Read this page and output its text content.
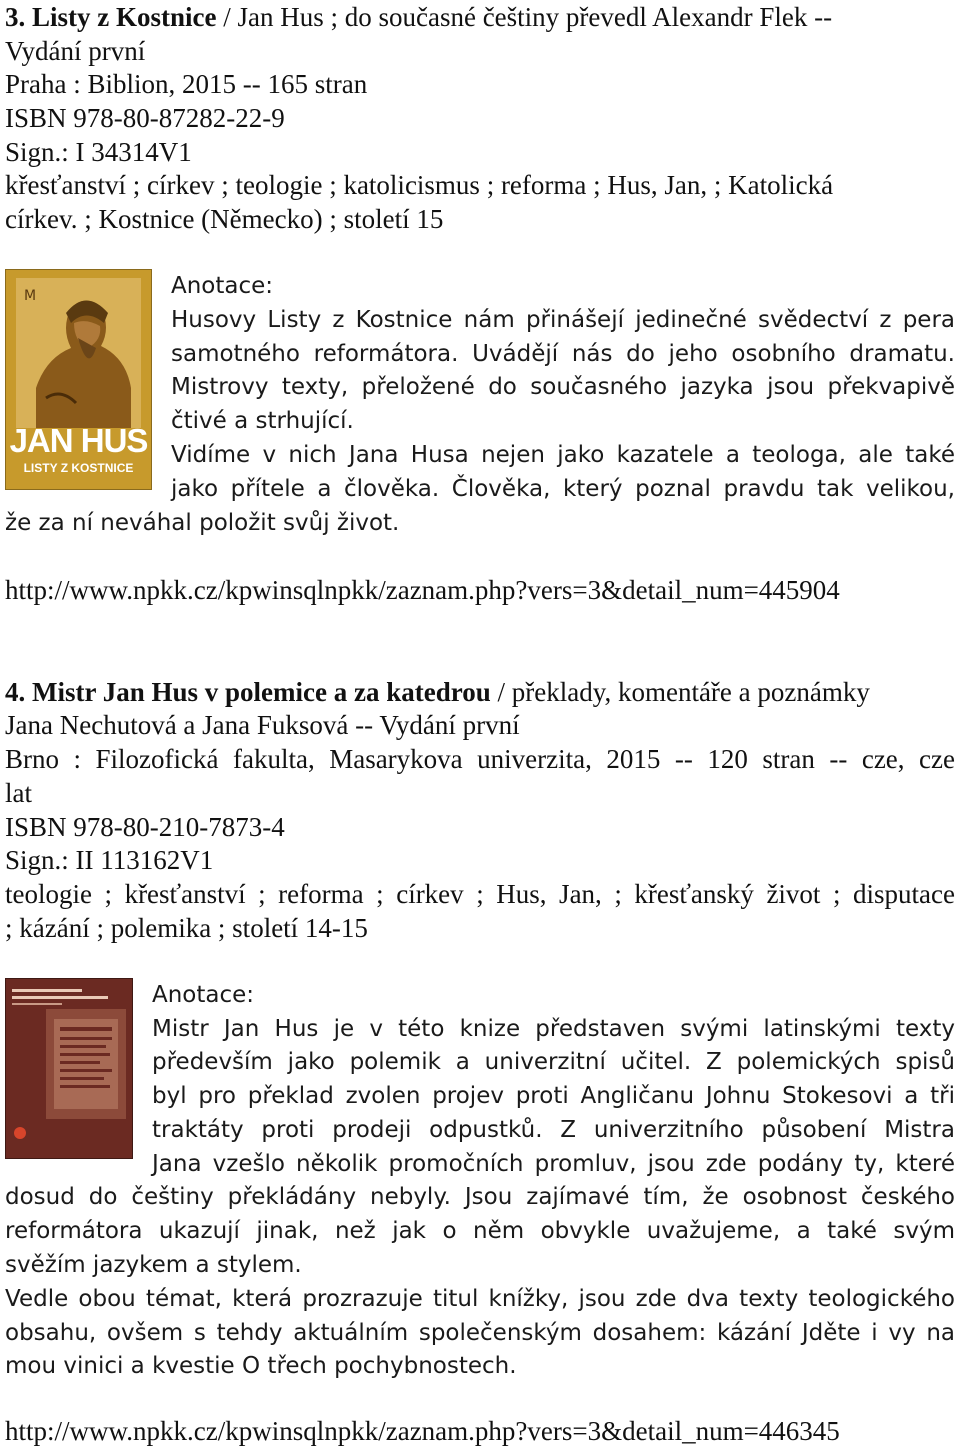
3. Listy z Kostnice / Jan Hus ; do současné češtiny převedl Alexandr Flek --
Vydání první
Praha : Biblion, 2015 -- 165 stran
ISBN 978-80-87282-22-9
Sign.: I 34314V1
křesťanství ; církev ; teologie ; katolicismus ; reforma ; Hus, Jan, ; Katolická
církev. ; Kostnice (Německo) ; století 15
M
JAN HUS
LISTY Z KOSTNICE
Anotace:
Husovy Listy z Kostnice nám přinášejí jedinečné svědectví z pera
samotného reformátora. Uvádějí nás do jeho osobního dramatu.
Mistrovy texty, přeložené do současného jazyka jsou překvapivě
čtivé a strhující.
Vidíme v nich Jana Husa nejen jako kazatele a teologa, ale také
jako přítele a člověka. Člověka, který poznal pravdu tak velikou,
že za ní neváhal položit svůj život.
http://www.npkk.cz/kpwinsqlnpkk/zaznam.php?vers=3&detail_num=445904
4. Mistr Jan Hus v polemice a za katedrou / překlady, komentáře a poznámky
Jana Nechutová a Jana Fuksová -- Vydání první
Brno : Filozofická fakulta, Masarykova univerzita, 2015 -- 120 stran -- cze, cze
lat
ISBN 978-80-210-7873-4
Sign.: II 113162V1
teologie ; křesťanství ; reforma ; církev ; Hus, Jan, ; křesťanský život ; disputace
; kázání ; polemika ; století 14-15
Anotace:
Mistr Jan Hus je v této knize představen svými latinskými texty
především jako polemik a univerzitní učitel. Z polemických spisů
byl pro překlad zvolen projev proti Angličanu Johnu Stokesovi a tři
traktáty proti prodeji odpustků. Z univerzitního působení Mistra
Jana vzešlo několik promočních promluv, jsou zde podány ty, které
dosud do češtiny překládány nebyly. Jsou zajímavé tím, že osobnost českého
reformátora ukazují jinak, než jak o něm obvykle uvažujeme, a také svým
svěžím jazykem a stylem.
Vedle obou témat, která prozrazuje titul knížky, jsou zde dva texty teologického
obsahu, ovšem s tehdy aktuálním společenským dosahem: kázání Jděte i vy na
mou vinici a kvestie O třech pochybnostech.
http://www.npkk.cz/kpwinsqlnpkk/zaznam.php?vers=3&detail_num=446345
